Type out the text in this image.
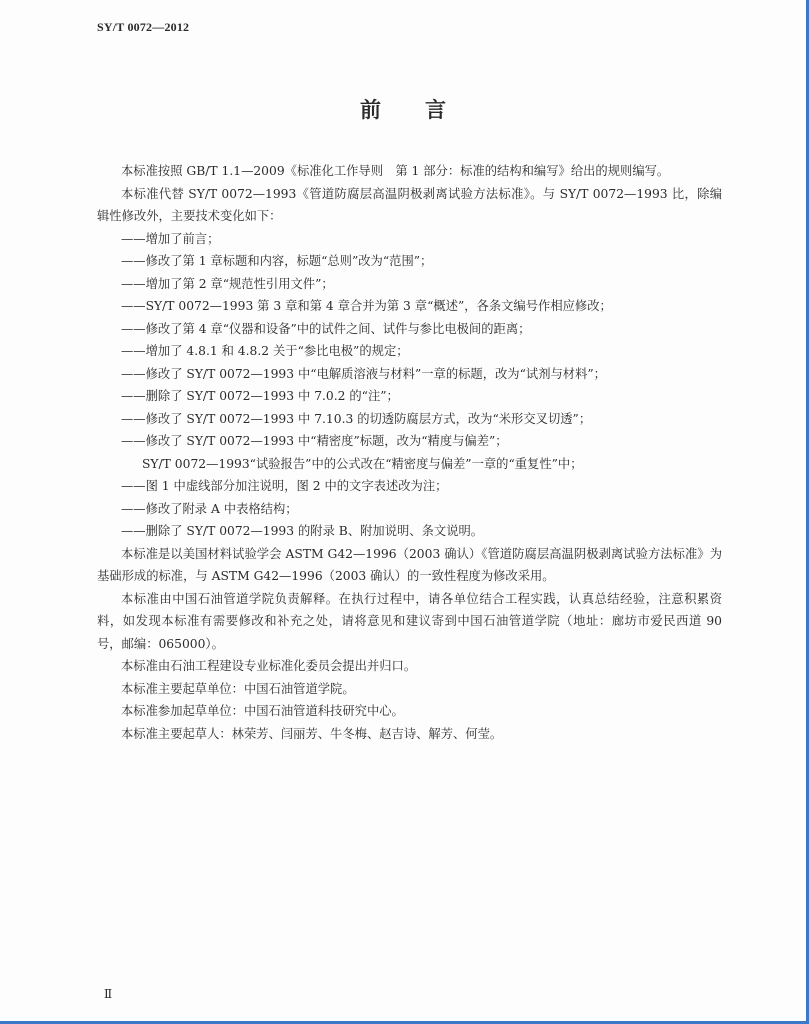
SY/T 0072—2012
前言

本标准按照 GB/T 1.1—2009《标准化工作导则　第 1 部分：标准的结构和编写》给出的规则编写。

本标准代替 SY/T 0072—1993《管道防腐层高温阴极剥离试验方法标准》。与 SY/T 0072—1993 比，除编辑性修改外，主要技术变化如下：

——增加了前言；

——修改了第 1 章标题和内容，标题“总则”改为“范围”；

——增加了第 2 章“规范性引用文件”；

——SY/T 0072—1993 第 3 章和第 4 章合并为第 3 章“概述”，各条文编号作相应修改；

——修改了第 4 章“仪器和设备”中的试件之间、试件与参比电极间的距离；

——增加了 4.8.1 和 4.8.2 关于“参比电极”的规定；

——修改了 SY/T 0072—1993 中“电解质溶液与材料”一章的标题，改为“试剂与材料”；

——删除了 SY/T 0072—1993 中 7.0.2 的“注”；

——修改了 SY/T 0072—1993 中 7.10.3 的切透防腐层方式，改为“米形交叉切透”；

——修改了 SY/T 0072—1993 中“精密度”标题，改为“精度与偏差”；

SY/T 0072—1993“试验报告”中的公式改在“精密度与偏差”一章的“重复性”中；

——图 1 中虚线部分加注说明，图 2 中的文字表述改为注；

——修改了附录 A 中表格结构；

——删除了 SY/T 0072—1993 的附录 B、附加说明、条文说明。

本标准是以美国材料试验学会 ASTM G42—1996（2003 确认）《管道防腐层高温阴极剥离试验方法标准》为基础形成的标准，与 ASTM G42—1996（2003 确认）的一致性程度为修改采用。

本标准由中国石油管道学院负责解释。在执行过程中，请各单位结合工程实践，认真总结经验，注意积累资料，如发现本标准有需要修改和补充之处，请将意见和建议寄到中国石油管道学院（地址：廊坊市爱民西道 90 号，邮编：065000）。

本标准由石油工程建设专业标准化委员会提出并归口。

本标准主要起草单位：中国石油管道学院。

本标准参加起草单位：中国石油管道科技研究中心。

本标准主要起草人：林荣芳、闫丽芳、牛冬梅、赵吉诗、解芳、何莹。

Ⅱ
